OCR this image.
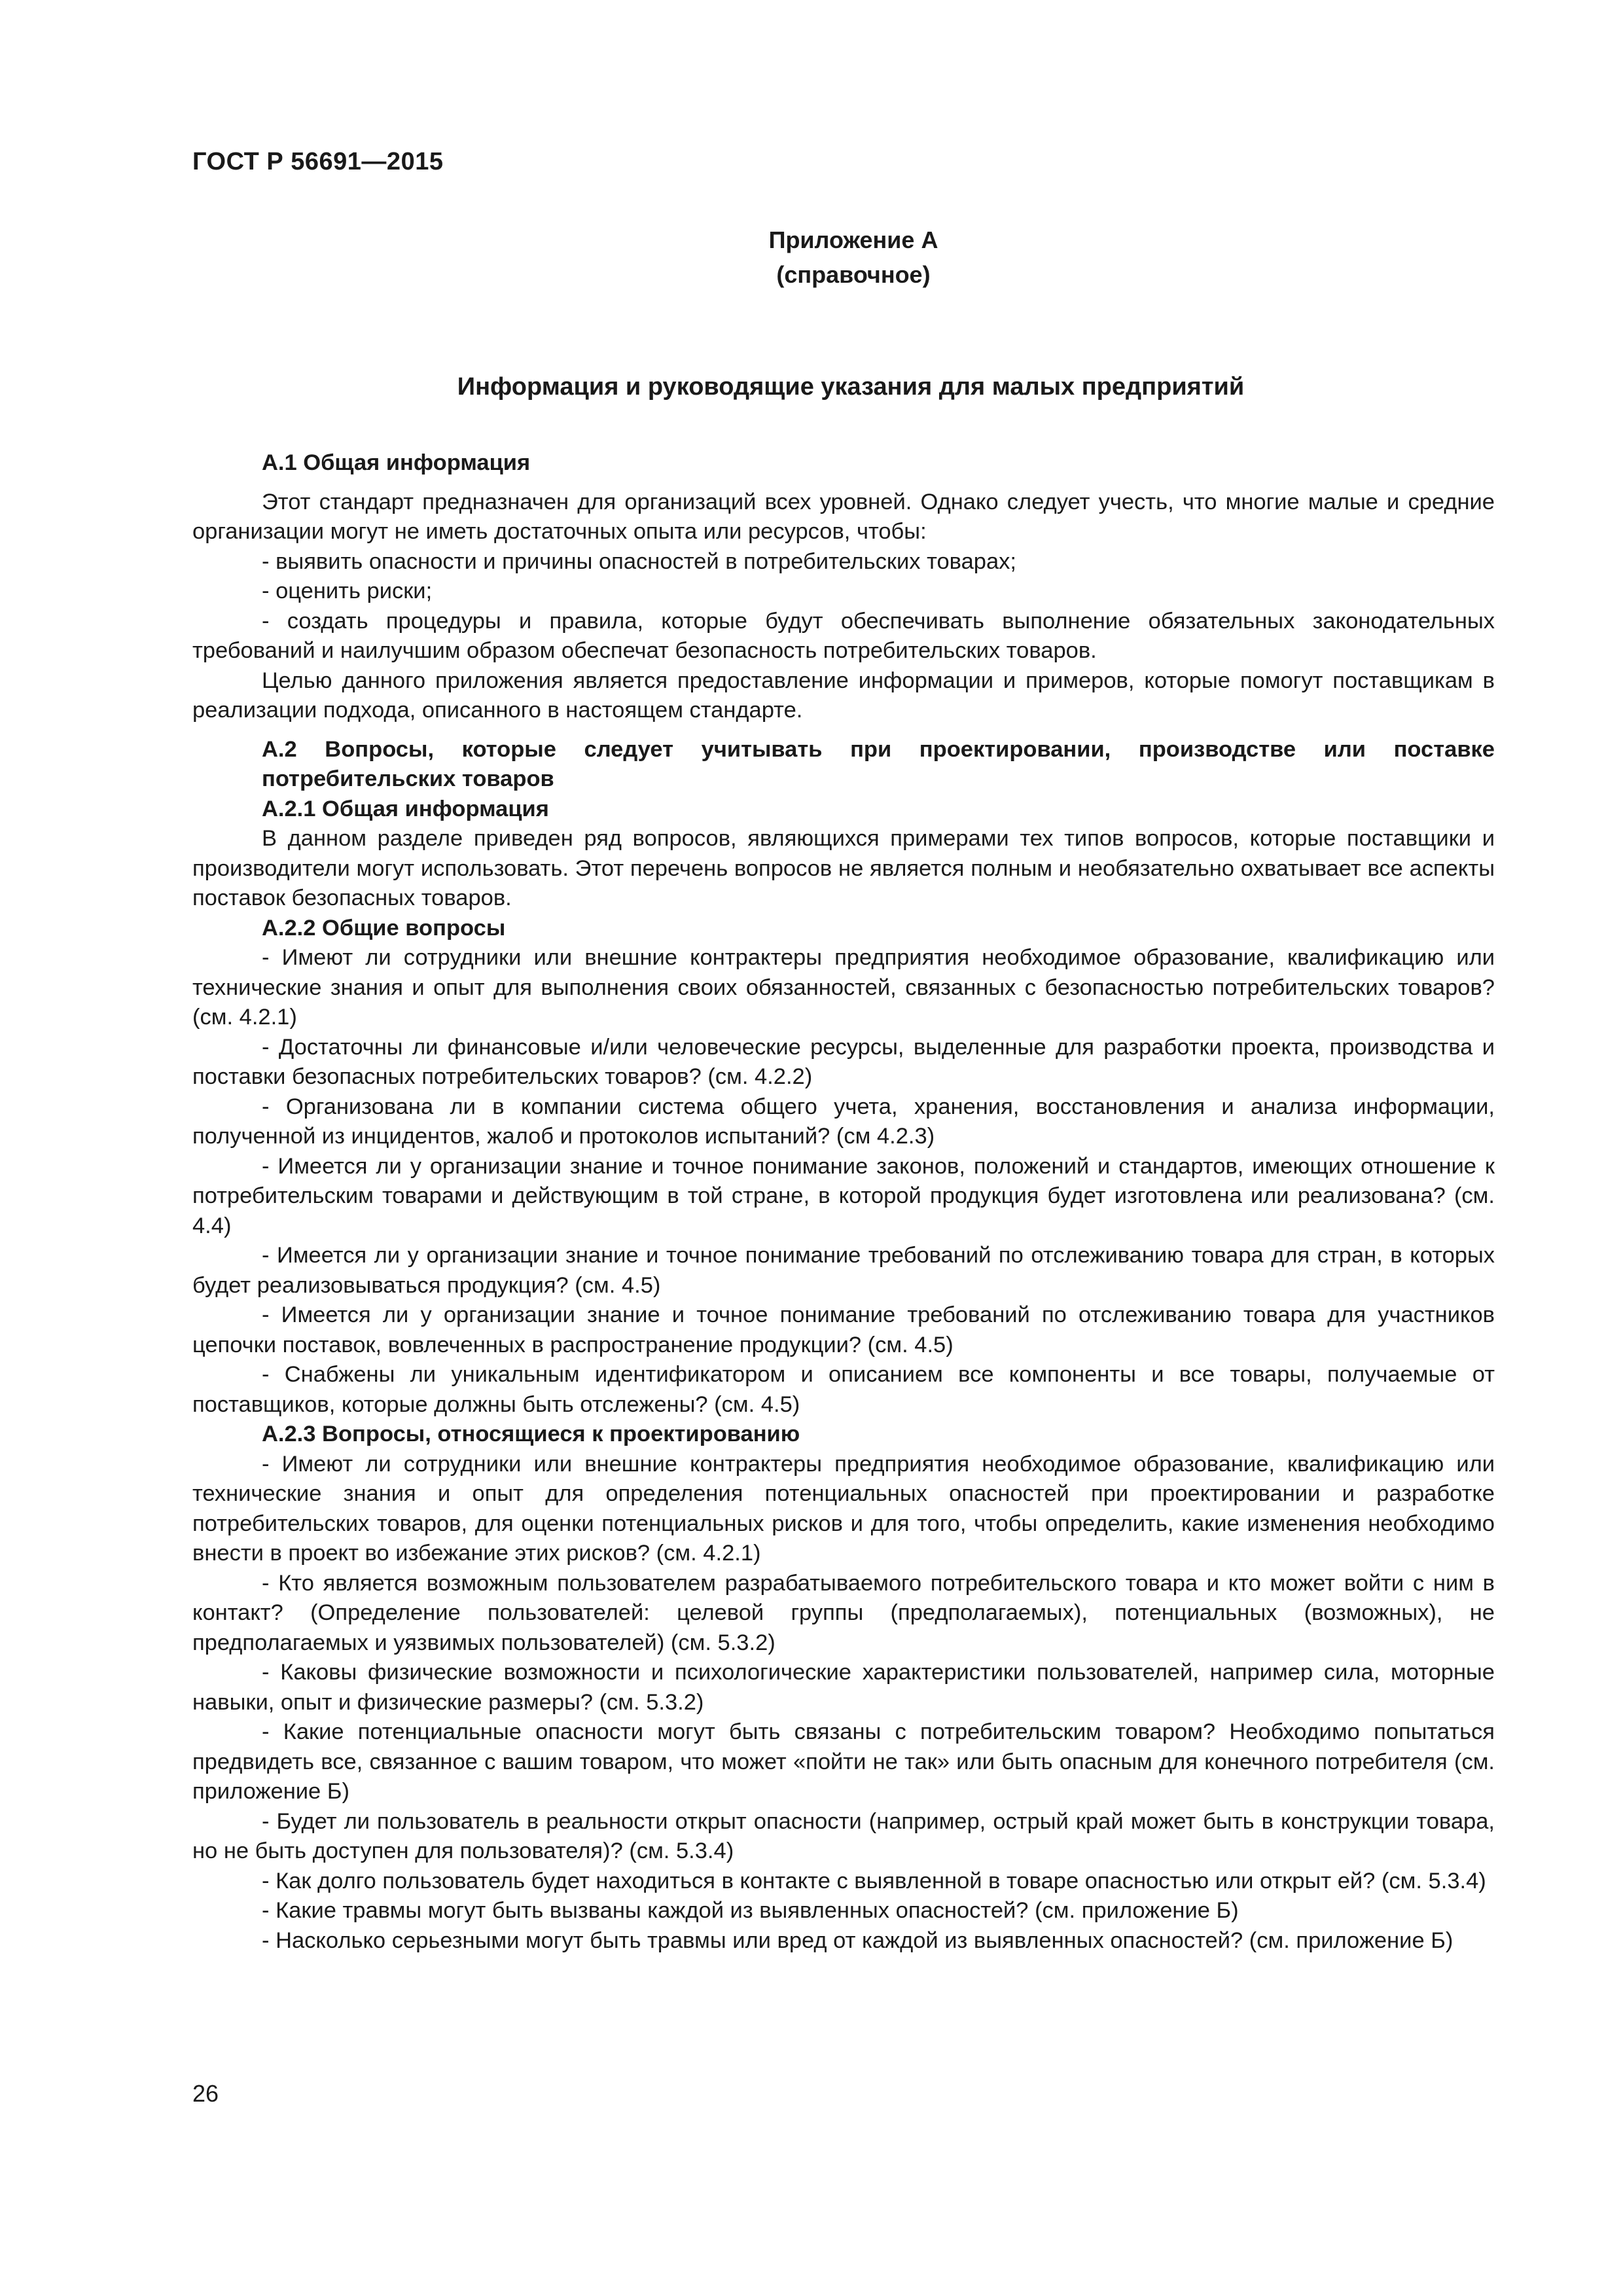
ГОСТ Р 56691—2015
Приложение А
(справочное)
Информация и руководящие указания для малых предприятий

А.1 Общая информация

Этот стандарт предназначен для организаций всех уровней. Однако следует учесть, что многие малые и средние организации могут не иметь достаточных опыта или ресурсов, чтобы:

- выявить опасности и причины опасностей в потребительских товарах;

- оценить риски;

- создать процедуры и правила, которые будут обеспечивать выполнение обязательных законодательных требований и наилучшим образом обеспечат безопасность потребительских товаров.

Целью данного приложения является предоставление информации и примеров, которые помогут поставщикам в реализации подхода, описанного в настоящем стандарте.

А.2 Вопросы, которые следует учитывать при проектировании, производстве или поставке потребительских товаров

А.2.1 Общая информация

В данном разделе приведен ряд вопросов, являющихся примерами тех типов вопросов, которые поставщики и производители могут использовать. Этот перечень вопросов не является полным и необязательно охватывает все аспекты поставок безопасных товаров.

А.2.2 Общие вопросы

- Имеют ли сотрудники или внешние контрактеры предприятия необходимое образование, квалификацию или технические знания и опыт для выполнения своих обязанностей, связанных с безопасностью потребительских товаров? (см. 4.2.1)

- Достаточны ли финансовые и/или человеческие ресурсы, выделенные для разработки проекта, производства и поставки безопасных потребительских товаров? (см. 4.2.2)

- Организована ли в компании система общего учета, хранения, восстановления и анализа информации, полученной из инцидентов, жалоб и протоколов испытаний? (см 4.2.3)

- Имеется ли у организации знание и точное понимание законов, положений и стандартов, имеющих отношение к потребительским товарами и действующим в той стране, в которой продукция будет изготовлена или реализована? (см. 4.4)

- Имеется ли у организации знание и точное понимание требований по отслеживанию товара для стран, в которых будет реализовываться продукция? (см. 4.5)

- Имеется ли у организации знание и точное понимание требований по отслеживанию товара для участников цепочки поставок, вовлеченных в распространение продукции? (см. 4.5)

- Снабжены ли уникальным идентификатором и описанием все компоненты и все товары, получаемые от поставщиков, которые должны быть отслежены? (см. 4.5)

А.2.3 Вопросы, относящиеся к проектированию

- Имеют ли сотрудники или внешние контрактеры предприятия необходимое образование, квалификацию или технические знания и опыт для определения потенциальных опасностей при проектировании и разработке потребительских товаров, для оценки потенциальных рисков и для того, чтобы определить, какие изменения необходимо внести в проект во избежание этих рисков? (см. 4.2.1)

- Кто является возможным пользователем разрабатываемого потребительского товара и кто может войти с ним в контакт? (Определение пользователей: целевой группы (предполагаемых), потенциальных (возможных), не предполагаемых и уязвимых пользователей) (см. 5.3.2)

- Каковы физические возможности и психологические характеристики пользователей, например сила, моторные навыки, опыт и физические размеры? (см. 5.3.2)

- Какие потенциальные опасности могут быть связаны с потребительским товаром? Необходимо попытаться предвидеть все, связанное с вашим товаром, что может «пойти не так» или быть опасным для конечного потребителя (см. приложение Б)

- Будет ли пользователь в реальности открыт опасности (например, острый край может быть в конструкции товара, но не быть доступен для пользователя)? (см. 5.3.4)

- Как долго пользователь будет находиться в контакте с выявленной в товаре опасностью или открыт ей? (см. 5.3.4)

- Какие травмы могут быть вызваны каждой из выявленных опасностей? (см. приложение Б)

- Насколько серьезными могут быть травмы или вред от каждой из выявленных опасностей? (см. приложение Б)

26
